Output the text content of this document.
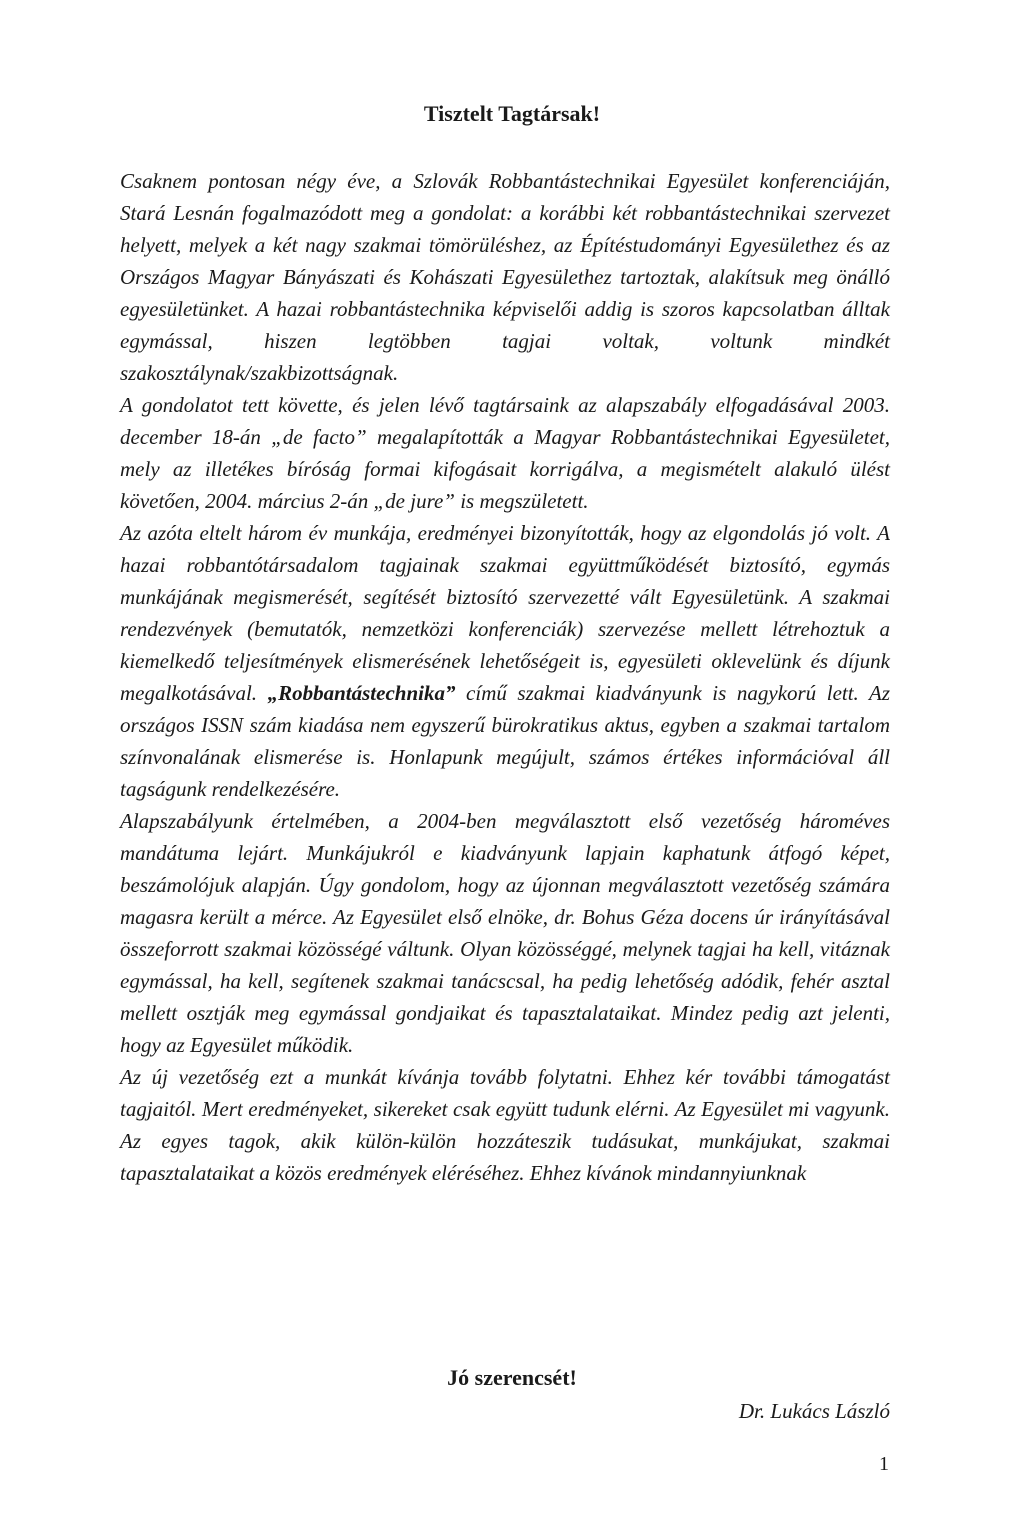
Tisztelt Tagtársak!

Csaknem pontosan négy éve, a Szlovák Robbantástechnikai Egyesület konferenciáján, Stará Lesnán fogalmazódott meg a gondolat: a korábbi két robbantástechnikai szervezet helyett, melyek a két nagy szakmai tömörüléshez, az Építéstudományi Egyesülethez és az Országos Magyar Bányászati és Kohászati Egyesülethez tartoztak, alakítsuk meg önálló egyesületünket. A hazai robbantástechnika képviselői addig is szoros kapcsolatban álltak egymással, hiszen legtöbben tagjai voltak, voltunk mindkét szakosztálynak/szakbizottságnak.

A gondolatot tett követte, és jelen lévő tagtársaink az alapszabály elfogadásával 2003. december 18-án „de facto” megalapították a Magyar Robbantástechnikai Egyesületet, mely az illetékes bíróság formai kifogásait korrigálva, a megismételt alakuló ülést követően, 2004. március 2-án „de jure” is megszületett.

Az azóta eltelt három év munkája, eredményei bizonyították, hogy az elgondolás jó volt. A hazai robbantótársadalom tagjainak szakmai együttműködését biztosító, egymás munkájának megismerését, segítését biztosító szervezetté vált Egyesületünk. A szakmai rendezvények (bemutatók, nemzetközi konferenciák) szervezése mellett létrehoztuk a kiemelkedő teljesítmények elismerésének lehetőségeit is, egyesületi oklevelünk és díjunk megalkotásával. „Robbantástechnika” című szakmai kiadványunk is nagykorú lett. Az országos ISSN szám kiadása nem egyszerű bürokratikus aktus, egyben a szakmai tartalom színvonalának elismerése is. Honlapunk megújult, számos értékes információval áll tagságunk rendelkezésére.

Alapszabályunk értelmében, a 2004-ben megválasztott első vezetőség hároméves mandátuma lejárt. Munkájukról e kiadványunk lapjain kaphatunk átfogó képet, beszámolójuk alapján. Úgy gondolom, hogy az újonnan megválasztott vezetőség számára magasra került a mérce. Az Egyesület első elnöke, dr. Bohus Géza docens úr irányításával összeforrott szakmai közösségé váltunk. Olyan közösséggé, melynek tagjai ha kell, vitáznak egymással, ha kell, segítenek szakmai tanácscsal, ha pedig lehetőség adódik, fehér asztal mellett osztják meg egymással gondjaikat és tapasztalataikat. Mindez pedig azt jelenti, hogy az Egyesület működik.

Az új vezetőség ezt a munkát kívánja tovább folytatni. Ehhez kér további támogatást tagjaitól. Mert eredményeket, sikereket csak együtt tudunk elérni. Az Egyesület mi vagyunk. Az egyes tagok, akik külön-külön hozzáteszik tudásukat, munkájukat, szakmai tapasztalataikat a közös eredmények eléréséhez. Ehhez kívánok mindannyiunknak

Jó szerencsét!
Dr. Lukács László
1
